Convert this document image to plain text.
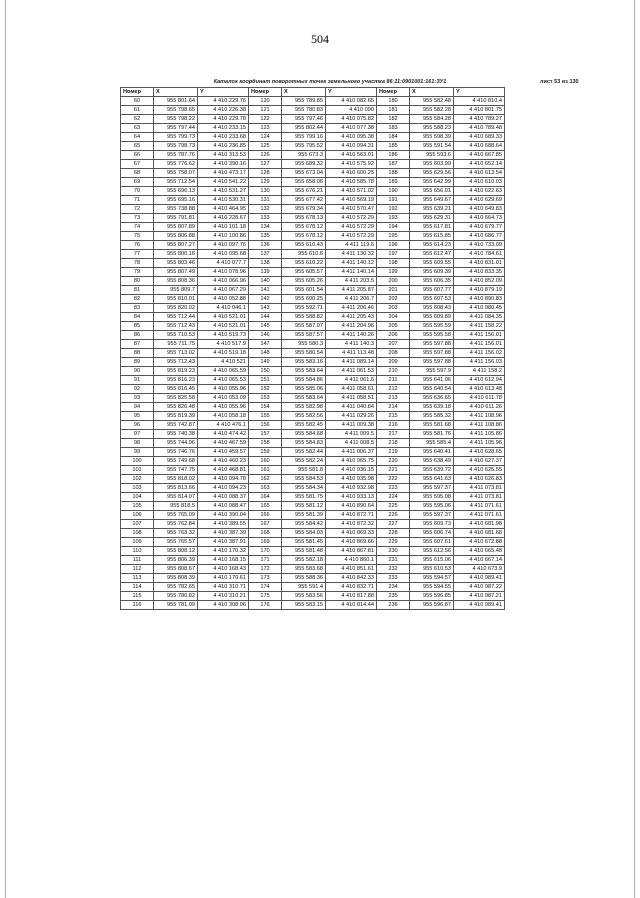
504
Каталог координат поворотных точек земельного участка 86:11:0901001:161:ЗУ1	лист 53 из 130
Номер	X	Y	Номер	X	Y	Номер	X	Y
60	955 801.64	4 410 229.76	120	955 789.85	4 410 082.65	180	955 582.48	4 410 810.4
61	955 798.65	4 410 226.38	121	955 780.83	4 410 090	181	955 582.28	4 410 801.75
62	955 798.22	4 410 229.78	122	955 797.46	4 410 075.82	182	955 584.28	4 410 789.27
63	955 797.44	4 410 233.15	123	955 802.44	4 410 077.38	183	955 588.23	4 410 789.48
64	955 799.73	4 410 233.68	124	955 799.16	4 410 095.38	184	955 598.39	4 410 689.33
65	955 798.73	4 410 236.85	125	955 795.52	4 410 094.31	185	955 591.54	4 410 688.64
66	955 787.76	4 410 313.53	126	955 673.3	4 410 563.01	186	955 593.6	4 410 667.85
67	955 776.62	4 410 390.16	127	955 689.32	4 410 575.92	187	955 603.99	4 410 652.14
68	955 758.07	4 410 473.17	128	955 673.04	4 410 600.25	188	955 629.56	4 410 613.54
69	955 712.54	4 410 541.22	129	955 658.06	4 410 585.78	189	955 642.99	4 410 610.03
70	955 696.13	4 410 531.27	130	955 676.21	4 410 571.02	190	955 656.01	4 410 622.63
71	955 695.16	4 410 530.31	131	955 677.42	4 410 569.19	191	955 649.67	4 410 629.69
72	955 738.88	4 410 464.95	132	955 679.34	4 410 570.47	192	955 639.21	4 410 649.83
73	955 791.81	4 410 228.67	133	955 678.13	4 410 572.29	193	955 629.31	4 410 664.73
74	955 807.89	4 410 101.18	134	955 678.12	4 410 572.29	194	955 617.81	4 410 679.77
75	955 806.88	4 410 100.86	135	955 678.12	4 410 572.29	195	955 615.85	4 410 686.77
76	955 807.27	4 410 097.76	136	955 610.43	4 411 119.6	196	955 614.23	4 410 733.09
77	955 800.16	4 410 095.68	137	955 610.6	4 411 130.32	197	955 612.47	4 410 784.61
78	955 803.46	4 410 077.7	138	955 610.22	4 411 140.12	198	955 609.55	4 410 831.01
79	955 807.49	4 410 078.96	139	955 605.57	4 411 140.14	199	955 609.39	4 410 833.35
80	955 808.36	4 410 066.96	140	955 605.26	4 411 203.5	200	955 606.35	4 410 852.09
81	955 809.7	4 410 067.29	141	955 601.54	4 411 205.87	201	955 607.77	4 410 879.19
82	955 810.01	4 410 052.88	142	955 600.25	4 411 206.7	202	955 607.53	4 410 890.83
83	955 820.02	4 410 046.1	143	955 592.71	4 411 206.46	203	955 608.43	4 410 980.45
84	955 712.44	4 410 521.01	144	955 588.82	4 411 205.43	204	955 609.89	4 411 084.35
85	955 712.43	4 410 521.01	145	955 587.97	4 411 204.96	205	955 595.59	4 411 158.22
86	955 710.53	4 410 519.73	146	955 587.57	4 411 140.26	206	955 595.58	4 411 156.01
87	955 711.75	4 410 517.9	147	955 580.3	4 411 140.3	207	955 597.88	4 411 156.01
88	955 713.02	4 410 519.18	148	955 580.54	4 411 113.48	208	955 597.88	4 411 156.02
89	955 712.43	4 410 521	149	955 583.16	4 411 089.14	209	955 597.88	4 411 156.03
90	955 819.23	4 410 065.59	150	955 583.64	4 411 061.53	210	955 597.9	4 411 158.2
91	955 816.23	4 410 065.53	151	955 584.86	4 411 061.6	211	955 641.06	4 410 612.94
92	955 816.45	4 410 055.96	152	955 585.06	4 411 058.61	212	955 640.54	4 410 613.48
93	955 825.58	4 410 053.09	153	955 583.64	4 411 058.51	213	955 636.65	4 410 611.78
94	955 826.48	4 410 055.96	154	955 582.98	4 411 040.84	214	955 639.18	4 410 611.26
95	955 819.39	4 410 058.18	155	955 582.56	4 411 029.26	215	955 585.32	4 411 108.96
96	955 742.87	4 410 476.1	156	955 582.45	4 411 009.38	216	955 581.68	4 411 108.86
97	955 740.38	4 410 474.42	157	955 584.68	4 411 009.5	217	955 581.76	4 411 105.86
98	955 744.96	4 410 467.59	158	955 584.83	4 411 008.5	218	955 585.4	4 411 105.96
99	955 746.76	4 410 459.57	159	955 582.44	4 411 006.37	219	955 640.41	4 410 628.65
100	955 749.68	4 410 460.23	160	955 582.24	4 410 965.75	220	955 638.49	4 410 627.37
101	955 747.75	4 410 468.81	161	955 581.8	4 410 936.15	221	955 639.72	4 410 625.55
102	955 818.02	4 410 094.78	162	955 584.53	4 410 935.98	222	955 641.63	4 410 626.83
103	955 813.66	4 410 094.23	163	955 584.34	4 410 932.98	223	955 597.37	4 411 073.81
104	955 814.07	4 410 088.37	164	955 581.75	4 410 933.13	224	955 595.08	4 411 073.81
105	955 818.5	4 410 088.47	165	955 581.12	4 410 890.64	225	955 595.06	4 411 071.61
106	955 765.09	4 410 390.04	166	955 581.39	4 410 872.71	226	955 597.37	4 411 071.61
107	955 762.84	4 410 389.55	167	955 584.42	4 410 872.32	227	955 609.73	4 410 681.98
108	955 763.32	4 410 387.39	168	955 584.03	4 410 869.33	228	955 606.74	4 410 681.68
109	955 765.57	4 410 387.91	169	955 581.45	4 410 869.66	229	955 607.61	4 410 672.88
110	955 808.12	4 410 170.32	170	955 581.48	4 410 867.81	230	955 612.56	4 410 665.48
111	955 806.39	4 410 168.15	171	955 582.18	4 410 860.1	231	955 615.06	4 410 667.14
112	955 808.67	4 410 168.43	172	955 583.68	4 410 851.61	232	955 610.53	4 410 673.9
113	955 808.39	4 410 170.61	173	955 588.36	4 410 842.33	233	955 594.57	4 410 989.41
114	955 782.65	4 410 310.71	174	955 591.4	4 410 832.71	234	955 594.55	4 410 987.22
115	955 780.82	4 410 310.21	175	955 583.56	4 410 817.88	235	955 596.85	4 410 987.21
116	955 781.09	4 410 308.06	176	955 583.15	4 410 814.44	236	955 596.87	4 410 989.41
